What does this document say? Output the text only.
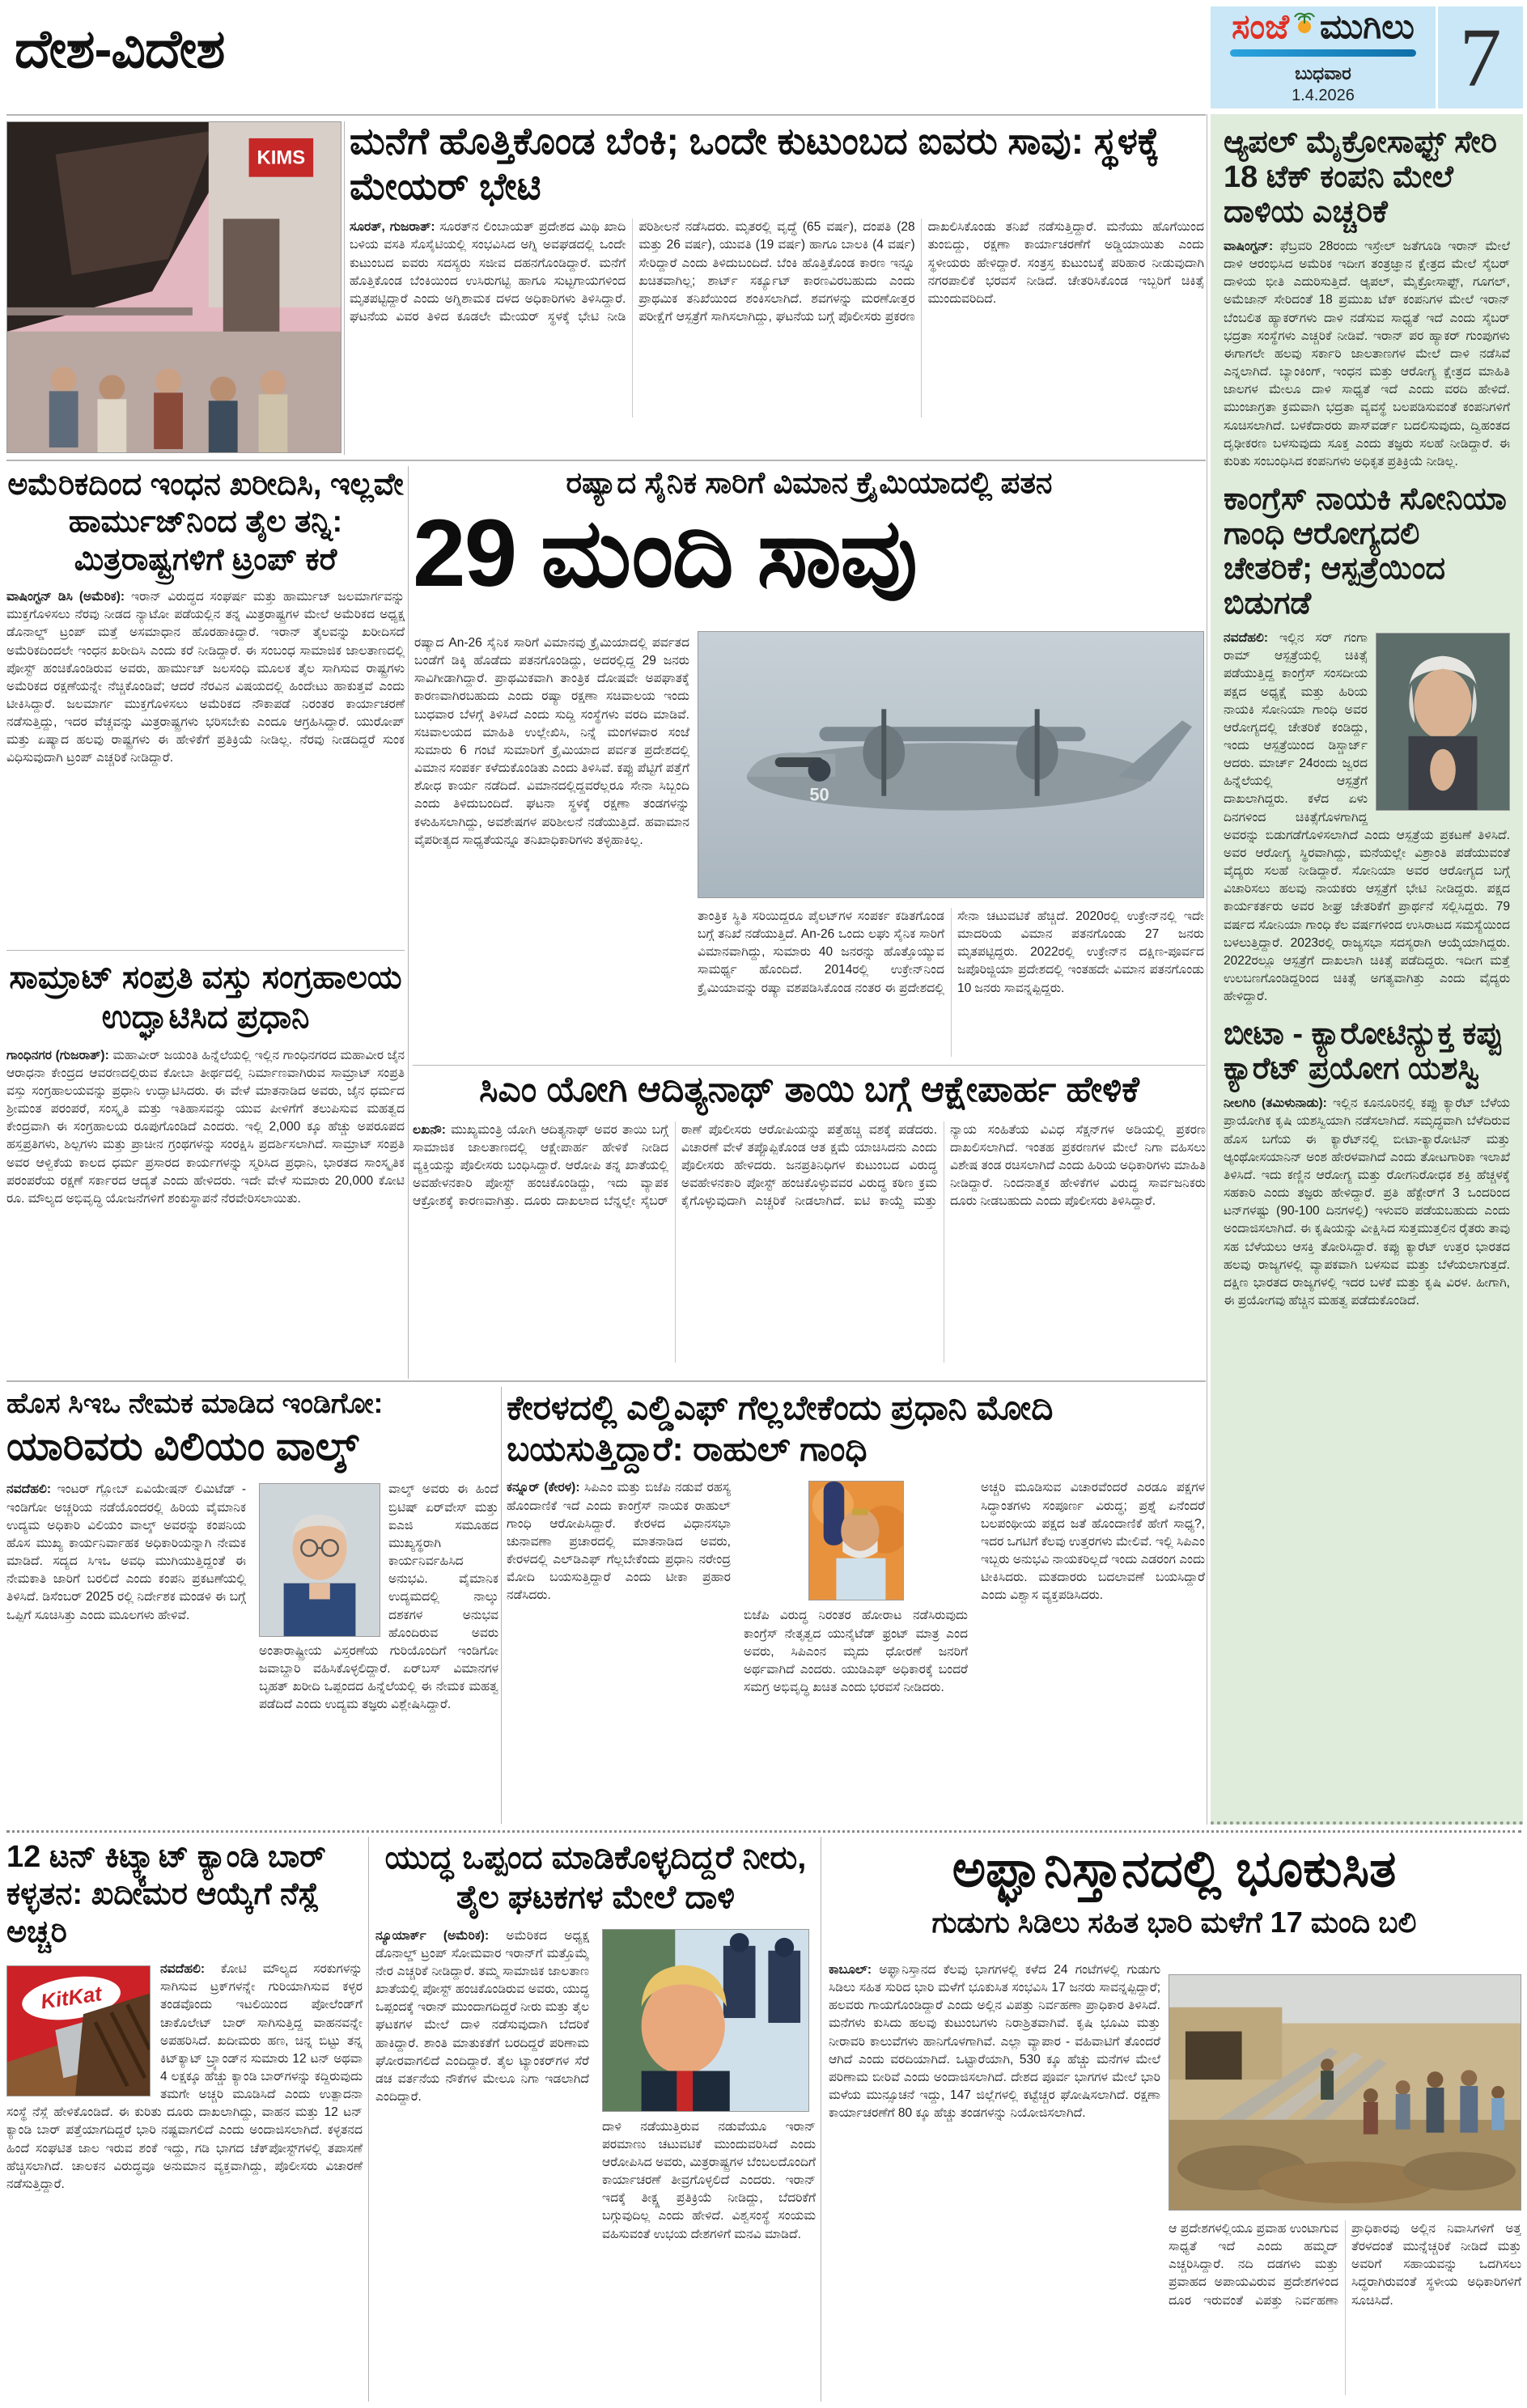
ದೇಶ-ವಿದೇಶ	ಸಂಜೆ ಮುಗಿಲು
ಬುಧವಾರ
1.4.2026 7
KIMS ಮನೆಗೆ ಹೊತ್ತಿಕೊಂಡ ಬೆಂಕಿ; ಒಂದೇ ಕುಟುಂಬದ ಐವರು ಸಾವು: ಸ್ಥಳಕ್ಕೆ ಮೇಯರ್ ಭೇಟಿ

ಸೂರತ್, ಗುಜರಾತ್: ಸೂರತ್‌ನ ಲಿಂಬಾಯತ್ ಪ್ರದೇಶದ ಮಿಥಿ ಖಾದಿ ಬಳಿಯ ವಸತಿ ಸೊಸೈಟಿಯಲ್ಲಿ ಸಂಭವಿಸಿದ ಅಗ್ನಿ ಅವಘಡದಲ್ಲಿ ಒಂದೇ ಕುಟುಂಬದ ಐವರು ಸದಸ್ಯರು ಸಜೀವ ದಹನಗೊಂಡಿದ್ದಾರೆ. ಮನೆಗೆ ಹೊತ್ತಿಕೊಂಡ ಬೆಂಕಿಯಿಂದ ಉಸಿರುಗಟ್ಟಿ ಹಾಗೂ ಸುಟ್ಟಗಾಯಗಳಿಂದ ಮೃತಪಟ್ಟಿದ್ದಾರೆ ಎಂದು ಅಗ್ನಿಶಾಮಕ ದಳದ ಅಧಿಕಾರಿಗಳು ತಿಳಿಸಿದ್ದಾರೆ. ಘಟನೆಯ ವಿವರ ತಿಳಿದ ಕೂಡಲೇ ಮೇಯರ್ ಸ್ಥಳಕ್ಕೆ ಭೇಟಿ ನೀಡಿ ಪರಿಶೀಲನೆ ನಡೆಸಿದರು. ಮೃತರಲ್ಲಿ ವೃದ್ಧೆ (65 ವರ್ಷ), ದಂಪತಿ (28 ಮತ್ತು 26 ವರ್ಷ), ಯುವತಿ (19 ವರ್ಷ) ಹಾಗೂ ಬಾಲಕಿ (4 ವರ್ಷ) ಸೇರಿದ್ದಾರೆ ಎಂದು ತಿಳಿದುಬಂದಿದೆ. ಬೆಂಕಿ ಹೊತ್ತಿಕೊಂಡ ಕಾರಣ ಇನ್ನೂ ಖಚಿತವಾಗಿಲ್ಲ; ಶಾರ್ಟ್ ಸರ್ಕ್ಯೂಟ್ ಕಾರಣವಿರಬಹುದು ಎಂದು ಪ್ರಾಥಮಿಕ ತನಿಖೆಯಿಂದ ಶಂಕಿಸಲಾಗಿದೆ. ಶವಗಳನ್ನು ಮರಣೋತ್ತರ ಪರೀಕ್ಷೆಗೆ ಆಸ್ಪತ್ರೆಗೆ ಸಾಗಿಸಲಾಗಿದ್ದು, ಘಟನೆಯ ಬಗ್ಗೆ ಪೊಲೀಸರು ಪ್ರಕರಣ ದಾಖಲಿಸಿಕೊಂಡು ತನಿಖೆ ನಡೆಸುತ್ತಿದ್ದಾರೆ. ಮನೆಯು ಹೊಗೆಯಿಂದ ತುಂಬಿದ್ದು, ರಕ್ಷಣಾ ಕಾರ್ಯಾಚರಣೆಗೆ ಅಡ್ಡಿಯಾಯಿತು ಎಂದು ಸ್ಥಳೀಯರು ಹೇಳಿದ್ದಾರೆ. ಸಂತ್ರಸ್ತ ಕುಟುಂಬಕ್ಕೆ ಪರಿಹಾರ ನೀಡುವುದಾಗಿ ನಗರಪಾಲಿಕೆ ಭರವಸೆ ನೀಡಿದೆ. ಚೇತರಿಸಿಕೊಂಡ ಇಬ್ಬರಿಗೆ ಚಿಕಿತ್ಸೆ ಮುಂದುವರಿದಿದೆ.

ಅಮೆರಿಕದಿಂದ ಇಂಧನ ಖರೀದಿಸಿ, ಇಲ್ಲವೇ ಹಾರ್ಮುಜ್‌ನಿಂದ ತೈಲ ತನ್ನಿ: ಮಿತ್ರರಾಷ್ಟ್ರಗಳಿಗೆ ಟ್ರಂಪ್ ಕರೆ

ವಾಷಿಂಗ್ಟನ್ ಡಿಸಿ (ಅಮೆರಿಕ): ಇರಾನ್ ವಿರುದ್ಧದ ಸಂಘರ್ಷ ಮತ್ತು ಹಾರ್ಮುಜ್ ಜಲಮಾರ್ಗವನ್ನು ಮುಕ್ತಗೊಳಿಸಲು ನೆರವು ನೀಡದ ನ್ಯಾಟೋ ಪಡೆಯಲ್ಲಿನ ತನ್ನ ಮಿತ್ರರಾಷ್ಟ್ರಗಳ ಮೇಲೆ ಅಮೆರಿಕದ ಅಧ್ಯಕ್ಷ ಡೊನಾಲ್ಡ್ ಟ್ರಂಪ್ ಮತ್ತೆ ಅಸಮಾಧಾನ ಹೊರಹಾಕಿದ್ದಾರೆ. ಇರಾನ್ ತೈಲವನ್ನು ಖರೀದಿಸದೆ ಅಮೆರಿಕದಿಂದಲೇ ಇಂಧನ ಖರೀದಿಸಿ ಎಂದು ಕರೆ ನೀಡಿದ್ದಾರೆ. ಈ ಸಂಬಂಧ ಸಾಮಾಜಿಕ ಜಾಲತಾಣದಲ್ಲಿ ಪೋಸ್ಟ್ ಹಂಚಿಕೊಂಡಿರುವ ಅವರು, ಹಾರ್ಮುಜ್ ಜಲಸಂಧಿ ಮೂಲಕ ತೈಲ ಸಾಗಿಸುವ ರಾಷ್ಟ್ರಗಳು ಅಮೆರಿಕದ ರಕ್ಷಣೆಯನ್ನೇ ನೆಚ್ಚಿಕೊಂಡಿವೆ; ಆದರೆ ನೆರವಿನ ವಿಷಯದಲ್ಲಿ ಹಿಂದೇಟು ಹಾಕುತ್ತವೆ ಎಂದು ಟೀಕಿಸಿದ್ದಾರೆ. ಜಲಮಾರ್ಗ ಮುಕ್ತಗೊಳಿಸಲು ಅಮೆರಿಕದ ನೌಕಾಪಡೆ ನಿರಂತರ ಕಾರ್ಯಾಚರಣೆ ನಡೆಸುತ್ತಿದ್ದು, ಇದರ ವೆಚ್ಚವನ್ನು ಮಿತ್ರರಾಷ್ಟ್ರಗಳು ಭರಿಸಬೇಕು ಎಂದೂ ಆಗ್ರಹಿಸಿದ್ದಾರೆ. ಯುರೋಪ್ ಮತ್ತು ಏಷ್ಯಾದ ಹಲವು ರಾಷ್ಟ್ರಗಳು ಈ ಹೇಳಿಕೆಗೆ ಪ್ರತಿಕ್ರಿಯೆ ನೀಡಿಲ್ಲ. ನೆರವು ನೀಡದಿದ್ದರೆ ಸುಂಕ ವಿಧಿಸುವುದಾಗಿ ಟ್ರಂಪ್ ಎಚ್ಚರಿಕೆ ನೀಡಿದ್ದಾರೆ.

ಸಾಮ್ರಾಟ್ ಸಂಪ್ರತಿ ವಸ್ತು ಸಂಗ್ರಹಾಲಯ ಉದ್ಘಾಟಿಸಿದ ಪ್ರಧಾನಿ

ಗಾಂಧಿನಗರ (ಗುಜರಾತ್): ಮಹಾವೀರ್ ಜಯಂತಿ ಹಿನ್ನೆಲೆಯಲ್ಲಿ ಇಲ್ಲಿನ ಗಾಂಧಿನಗರದ ಮಹಾವೀರ ಜೈನ ಆರಾಧನಾ ಕೇಂದ್ರದ ಆವರಣದಲ್ಲಿರುವ ಕೋಬಾ ತೀರ್ಥದಲ್ಲಿ ನಿರ್ಮಾಣವಾಗಿರುವ ಸಾಮ್ರಾಟ್ ಸಂಪ್ರತಿ ವಸ್ತು ಸಂಗ್ರಹಾಲಯವನ್ನು ಪ್ರಧಾನಿ ಉದ್ಘಾಟಿಸಿದರು. ಈ ವೇಳೆ ಮಾತನಾಡಿದ ಅವರು, ಜೈನ ಧರ್ಮದ ಶ್ರೀಮಂತ ಪರಂಪರೆ, ಸಂಸ್ಕೃತಿ ಮತ್ತು ಇತಿಹಾಸವನ್ನು ಯುವ ಪೀಳಿಗೆಗೆ ತಲುಪಿಸುವ ಮಹತ್ವದ ಕೇಂದ್ರವಾಗಿ ಈ ಸಂಗ್ರಹಾಲಯ ರೂಪುಗೊಂಡಿದೆ ಎಂದರು. ಇಲ್ಲಿ 2,000 ಕ್ಕೂ ಹೆಚ್ಚು ಅಪರೂಪದ ಹಸ್ತಪ್ರತಿಗಳು, ಶಿಲ್ಪಗಳು ಮತ್ತು ಪ್ರಾಚೀನ ಗ್ರಂಥಗಳನ್ನು ಸಂರಕ್ಷಿಸಿ ಪ್ರದರ್ಶಿಸಲಾಗಿದೆ. ಸಾಮ್ರಾಟ್ ಸಂಪ್ರತಿ ಅವರ ಆಳ್ವಿಕೆಯ ಕಾಲದ ಧರ್ಮ ಪ್ರಸಾರದ ಕಾರ್ಯಗಳನ್ನು ಸ್ಮರಿಸಿದ ಪ್ರಧಾನಿ, ಭಾರತದ ಸಾಂಸ್ಕೃತಿಕ ಪರಂಪರೆಯ ರಕ್ಷಣೆ ಸರ್ಕಾರದ ಆದ್ಯತೆ ಎಂದು ಹೇಳಿದರು. ಇದೇ ವೇಳೆ ಸುಮಾರು 20,000 ಕೋಟಿ ರೂ. ಮೌಲ್ಯದ ಅಭಿವೃದ್ಧಿ ಯೋಜನೆಗಳಿಗೆ ಶಂಕುಸ್ಥಾಪನೆ ನೆರವೇರಿಸಲಾಯಿತು.

ರಷ್ಯಾದ ಸೈನಿಕ ಸಾರಿಗೆ ವಿಮಾನ ಕ್ರೈಮಿಯಾದಲ್ಲಿ ಪತನ

29 ಮಂದಿ ಸಾವು

ರಷ್ಯಾದ An-26 ಸೈನಿಕ ಸಾರಿಗೆ ವಿಮಾನವು ಕ್ರೈಮಿಯಾದಲ್ಲಿ ಪರ್ವತದ ಬಂಡೆಗೆ ಡಿಕ್ಕಿ ಹೊಡೆದು ಪತನಗೊಂಡಿದ್ದು, ಅದರಲ್ಲಿದ್ದ 29 ಜನರು ಸಾವಿಗೀಡಾಗಿದ್ದಾರೆ. ಪ್ರಾಥಮಿಕವಾಗಿ ತಾಂತ್ರಿಕ ದೋಷವೇ ಅಪಘಾತಕ್ಕೆ ಕಾರಣವಾಗಿರಬಹುದು ಎಂದು ರಷ್ಯಾ ರಕ್ಷಣಾ ಸಚಿವಾಲಯ ಇಂದು ಬುಧವಾರ ಬೆಳಗ್ಗೆ ತಿಳಿಸಿದೆ ಎಂದು ಸುದ್ದಿ ಸಂಸ್ಥೆಗಳು ವರದಿ ಮಾಡಿವೆ. ಸಚಿವಾಲಯದ ಮಾಹಿತಿ ಉಲ್ಲೇಖಿಸಿ, ನಿನ್ನೆ ಮಂಗಳವಾರ ಸಂಜೆ ಸುಮಾರು 6 ಗಂಟೆ ಸುಮಾರಿಗೆ ಕ್ರೈಮಿಯಾದ ಪರ್ವತ ಪ್ರದೇಶದಲ್ಲಿ ವಿಮಾನ ಸಂಪರ್ಕ ಕಳೆದುಕೊಂಡಿತು ಎಂದು ತಿಳಿಸಿವೆ. ಕಪ್ಪು ಪೆಟ್ಟಿಗೆ ಪತ್ತೆಗೆ ಶೋಧ ಕಾರ್ಯ ನಡೆದಿದೆ. ವಿಮಾನದಲ್ಲಿದ್ದವರೆಲ್ಲರೂ ಸೇನಾ ಸಿಬ್ಬಂದಿ ಎಂದು ತಿಳಿದುಬಂದಿದೆ. ಘಟನಾ ಸ್ಥಳಕ್ಕೆ ರಕ್ಷಣಾ ತಂಡಗಳನ್ನು ಕಳುಹಿಸಲಾಗಿದ್ದು, ಅವಶೇಷಗಳ ಪರಿಶೀಲನೆ ನಡೆಯುತ್ತಿದೆ. ಹವಾಮಾನ ವೈಪರೀತ್ಯದ ಸಾಧ್ಯತೆಯನ್ನೂ ತನಿಖಾಧಿಕಾರಿಗಳು ತಳ್ಳಿಹಾಕಿಲ್ಲ.

50

ತಾಂತ್ರಿಕ ಸ್ಥಿತಿ ಸರಿಯಿದ್ದರೂ ಪೈಲಟ್‌ಗಳ ಸಂಪರ್ಕ ಕಡಿತಗೊಂಡ ಬಗ್ಗೆ ತನಿಖೆ ನಡೆಯುತ್ತಿದೆ. An-26 ಒಂದು ಲಘು ಸೈನಿಕ ಸಾರಿಗೆ ವಿಮಾನವಾಗಿದ್ದು, ಸುಮಾರು 40 ಜನರನ್ನು ಹೊತ್ತೊಯ್ಯುವ ಸಾಮರ್ಥ್ಯ ಹೊಂದಿದೆ. 2014ರಲ್ಲಿ ಉಕ್ರೇನ್‌ನಿಂದ ಕ್ರೈಮಿಯಾವನ್ನು ರಷ್ಯಾ ವಶಪಡಿಸಿಕೊಂಡ ನಂತರ ಈ ಪ್ರದೇಶದಲ್ಲಿ ಸೇನಾ ಚಟುವಟಿಕೆ ಹೆಚ್ಚಿದೆ. 2020ರಲ್ಲಿ ಉಕ್ರೇನ್‌ನಲ್ಲಿ ಇದೇ ಮಾದರಿಯ ವಿಮಾನ ಪತನಗೊಂಡು 27 ಜನರು ಮೃತಪಟ್ಟಿದ್ದರು. 2022ರಲ್ಲಿ ಉಕ್ರೇನ್‌ನ ದಕ್ಷಿಣ-ಪೂರ್ವದ ಜಪೊರಿಜ್ಜಿಯಾ ಪ್ರದೇಶದಲ್ಲಿ ಇಂತಹದೇ ವಿಮಾನ ಪತನಗೊಂಡು 10 ಜನರು ಸಾವನ್ನಪ್ಪಿದ್ದರು.

ಸಿಎಂ ಯೋಗಿ ಆದಿತ್ಯನಾಥ್ ತಾಯಿ ಬಗ್ಗೆ ಆಕ್ಷೇಪಾರ್ಹ ಹೇಳಿಕೆ

ಲಖನೌ: ಮುಖ್ಯಮಂತ್ರಿ ಯೋಗಿ ಆದಿತ್ಯನಾಥ್ ಅವರ ತಾಯಿ ಬಗ್ಗೆ ಸಾಮಾಜಿಕ ಜಾಲತಾಣದಲ್ಲಿ ಆಕ್ಷೇಪಾರ್ಹ ಹೇಳಿಕೆ ನೀಡಿದ ವ್ಯಕ್ತಿಯನ್ನು ಪೊಲೀಸರು ಬಂಧಿಸಿದ್ದಾರೆ. ಆರೋಪಿ ತನ್ನ ಖಾತೆಯಲ್ಲಿ ಅವಹೇಳನಕಾರಿ ಪೋಸ್ಟ್ ಹಂಚಿಕೊಂಡಿದ್ದು, ಇದು ವ್ಯಾಪಕ ಆಕ್ರೋಶಕ್ಕೆ ಕಾರಣವಾಗಿತ್ತು. ದೂರು ದಾಖಲಾದ ಬೆನ್ನಲ್ಲೇ ಸೈಬರ್ ಠಾಣೆ ಪೊಲೀಸರು ಆರೋಪಿಯನ್ನು ಪತ್ತೆಹಚ್ಚಿ ವಶಕ್ಕೆ ಪಡೆದರು. ವಿಚಾರಣೆ ವೇಳೆ ತಪ್ಪೊಪ್ಪಿಕೊಂಡ ಆತ ಕ್ಷಮೆ ಯಾಚಿಸಿದನು ಎಂದು ಪೊಲೀಸರು ಹೇಳಿದರು. ಜನಪ್ರತಿನಿಧಿಗಳ ಕುಟುಂಬದ ವಿರುದ್ಧ ಅವಹೇಳನಕಾರಿ ಪೋಸ್ಟ್ ಹಂಚಿಕೊಳ್ಳುವವರ ವಿರುದ್ಧ ಕಠಿಣ ಕ್ರಮ ಕೈಗೊಳ್ಳುವುದಾಗಿ ಎಚ್ಚರಿಕೆ ನೀಡಲಾಗಿದೆ. ಐಟಿ ಕಾಯ್ದೆ ಮತ್ತು ನ್ಯಾಯ ಸಂಹಿತೆಯ ವಿವಿಧ ಸೆಕ್ಷನ್‌ಗಳ ಅಡಿಯಲ್ಲಿ ಪ್ರಕರಣ ದಾಖಲಿಸಲಾಗಿದೆ. ಇಂತಹ ಪ್ರಕರಣಗಳ ಮೇಲೆ ನಿಗಾ ವಹಿಸಲು ವಿಶೇಷ ತಂಡ ರಚಿಸಲಾಗಿದೆ ಎಂದು ಹಿರಿಯ ಅಧಿಕಾರಿಗಳು ಮಾಹಿತಿ ನೀಡಿದ್ದಾರೆ. ನಿಂದನಾತ್ಮಕ ಹೇಳಿಕೆಗಳ ವಿರುದ್ಧ ಸಾರ್ವಜನಿಕರು ದೂರು ನೀಡಬಹುದು ಎಂದು ಪೊಲೀಸರು ತಿಳಿಸಿದ್ದಾರೆ.

ಆ್ಯಪಲ್ ಮೈಕ್ರೋಸಾಫ್ಟ್ ಸೇರಿ 18 ಟೆಕ್ ಕಂಪನಿ ಮೇಲೆ ದಾಳಿಯ ಎಚ್ಚರಿಕೆ

ವಾಷಿಂಗ್ಟನ್: ಫೆಬ್ರವರಿ 28ರಂದು ಇಸ್ರೇಲ್ ಜತೆಗೂಡಿ ಇರಾನ್ ಮೇಲೆ ದಾಳಿ ಆರಂಭಿಸಿದ ಅಮೆರಿಕ ಇದೀಗ ತಂತ್ರಜ್ಞಾನ ಕ್ಷೇತ್ರದ ಮೇಲೆ ಸೈಬರ್ ದಾಳಿಯ ಭೀತಿ ಎದುರಿಸುತ್ತಿದೆ. ಆ್ಯಪಲ್, ಮೈಕ್ರೋಸಾಫ್ಟ್, ಗೂಗಲ್, ಅಮೆಜಾನ್ ಸೇರಿದಂತೆ 18 ಪ್ರಮುಖ ಟೆಕ್ ಕಂಪನಿಗಳ ಮೇಲೆ ಇರಾನ್ ಬೆಂಬಲಿತ ಹ್ಯಾಕರ್‌ಗಳು ದಾಳಿ ನಡೆಸುವ ಸಾಧ್ಯತೆ ಇದೆ ಎಂದು ಸೈಬರ್ ಭದ್ರತಾ ಸಂಸ್ಥೆಗಳು ಎಚ್ಚರಿಕೆ ನೀಡಿವೆ. ಇರಾನ್ ಪರ ಹ್ಯಾಕರ್ ಗುಂಪುಗಳು ಈಗಾಗಲೇ ಹಲವು ಸರ್ಕಾರಿ ಜಾಲತಾಣಗಳ ಮೇಲೆ ದಾಳಿ ನಡೆಸಿವೆ ಎನ್ನಲಾಗಿದೆ. ಬ್ಯಾಂಕಿಂಗ್, ಇಂಧನ ಮತ್ತು ಆರೋಗ್ಯ ಕ್ಷೇತ್ರದ ಮಾಹಿತಿ ಜಾಲಗಳ ಮೇಲೂ ದಾಳಿ ಸಾಧ್ಯತೆ ಇದೆ ಎಂದು ವರದಿ ಹೇಳಿದೆ. ಮುಂಜಾಗ್ರತಾ ಕ್ರಮವಾಗಿ ಭದ್ರತಾ ವ್ಯವಸ್ಥೆ ಬಲಪಡಿಸುವಂತೆ ಕಂಪನಿಗಳಿಗೆ ಸೂಚಿಸಲಾಗಿದೆ. ಬಳಕೆದಾರರು ಪಾಸ್‌ವರ್ಡ್ ಬದಲಿಸುವುದು, ದ್ವಿಹಂತದ ದೃಢೀಕರಣ ಬಳಸುವುದು ಸೂಕ್ತ ಎಂದು ತಜ್ಞರು ಸಲಹೆ ನೀಡಿದ್ದಾರೆ. ಈ ಕುರಿತು ಸಂಬಂಧಿಸಿದ ಕಂಪನಿಗಳು ಅಧಿಕೃತ ಪ್ರತಿಕ್ರಿಯೆ ನೀಡಿಲ್ಲ.

ಕಾಂಗ್ರೆಸ್ ನಾಯಕಿ ಸೋನಿಯಾ ಗಾಂಧಿ ಆರೋಗ್ಯದಲಿ ಚೇತರಿಕೆ; ಆಸ್ಪತ್ರೆಯಿಂದ ಬಿಡುಗಡೆ

ನವದೆಹಲಿ: ಇಲ್ಲಿನ ಸರ್ ಗಂಗಾ ರಾಮ್ ಆಸ್ಪತ್ರೆಯಲ್ಲಿ ಚಿಕಿತ್ಸೆ ಪಡೆಯುತ್ತಿದ್ದ ಕಾಂಗ್ರೆಸ್ ಸಂಸದೀಯ ಪಕ್ಷದ ಅಧ್ಯಕ್ಷೆ ಮತ್ತು ಹಿರಿಯ ನಾಯಕಿ ಸೋನಿಯಾ ಗಾಂಧಿ ಅವರ ಆರೋಗ್ಯದಲ್ಲಿ ಚೇತರಿಕೆ ಕಂಡಿದ್ದು, ಇಂದು ಆಸ್ಪತ್ರೆಯಿಂದ ಡಿಸ್ಚಾರ್ಜ್ ಆದರು. ಮಾರ್ಚ್ 24ರಂದು ಜ್ವರದ ಹಿನ್ನೆಲೆಯಲ್ಲಿ ಆಸ್ಪತ್ರೆಗೆ ದಾಖಲಾಗಿದ್ದರು. ಕಳೆದ ಏಳು ದಿನಗಳಿಂದ ಚಿಕಿತ್ಸೆಗೊಳಗಾಗಿದ್ದ ಅವರನ್ನು ಬಿಡುಗಡೆಗೊಳಿಸಲಾಗಿದೆ ಎಂದು ಆಸ್ಪತ್ರೆಯ ಪ್ರಕಟಣೆ ತಿಳಿಸಿದೆ. ಅವರ ಆರೋಗ್ಯ ಸ್ಥಿರವಾಗಿದ್ದು, ಮನೆಯಲ್ಲೇ ವಿಶ್ರಾಂತಿ ಪಡೆಯುವಂತೆ ವೈದ್ಯರು ಸಲಹೆ ನೀಡಿದ್ದಾರೆ. ಸೋನಿಯಾ ಅವರ ಆರೋಗ್ಯದ ಬಗ್ಗೆ ವಿಚಾರಿಸಲು ಹಲವು ನಾಯಕರು ಆಸ್ಪತ್ರೆಗೆ ಭೇಟಿ ನೀಡಿದ್ದರು. ಪಕ್ಷದ ಕಾರ್ಯಕರ್ತರು ಅವರ ಶೀಘ್ರ ಚೇತರಿಕೆಗೆ ಪ್ರಾರ್ಥನೆ ಸಲ್ಲಿಸಿದ್ದರು. 79 ವರ್ಷದ ಸೋನಿಯಾ ಗಾಂಧಿ ಕೆಲ ವರ್ಷಗಳಿಂದ ಉಸಿರಾಟದ ಸಮಸ್ಯೆಯಿಂದ ಬಳಲುತ್ತಿದ್ದಾರೆ. 2023ರಲ್ಲಿ ರಾಜ್ಯಸಭಾ ಸದಸ್ಯರಾಗಿ ಆಯ್ಕೆಯಾಗಿದ್ದರು. 2022ರಲ್ಲೂ ಆಸ್ಪತ್ರೆಗೆ ದಾಖಲಾಗಿ ಚಿಕಿತ್ಸೆ ಪಡೆದಿದ್ದರು. ಇದೀಗ ಮತ್ತೆ ಉಲಬಣಗೊಂಡಿದ್ದರಿಂದ ಚಿಕಿತ್ಸೆ ಅಗತ್ಯವಾಗಿತ್ತು ಎಂದು ವೈದ್ಯರು ಹೇಳಿದ್ದಾರೆ.

ಬೀಟಾ - ಕ್ಯಾರೋಟಿನ್ಯುಕ್ತ ಕಪ್ಪು ಕ್ಯಾರೆಟ್ ಪ್ರಯೋಗ ಯಶಸ್ವಿ

ನೀಲಗಿರಿ (ತಮಿಳುನಾಡು): ಇಲ್ಲಿನ ಕೂನೂರಿನಲ್ಲಿ ಕಪ್ಪು ಕ್ಯಾರೆಟ್ ಬೆಳೆಯ ಪ್ರಾಯೋಗಿಕ ಕೃಷಿ ಯಶಸ್ವಿಯಾಗಿ ನಡೆಸಲಾಗಿದೆ. ಸಮೃದ್ಧವಾಗಿ ಬೆಳೆದಿರುವ ಹೊಸ ಬಗೆಯ ಈ ಕ್ಯಾರೆಟ್‌ನಲ್ಲಿ ಬೀಟಾ-ಕ್ಯಾರೋಟಿನ್ ಮತ್ತು ಆ್ಯಂಥೋಸಯಾನಿನ್ ಅಂಶ ಹೇರಳವಾಗಿದೆ ಎಂದು ತೋಟಗಾರಿಕಾ ಇಲಾಖೆ ತಿಳಿಸಿದೆ. ಇದು ಕಣ್ಣಿನ ಆರೋಗ್ಯ ಮತ್ತು ರೋಗನಿರೋಧಕ ಶಕ್ತಿ ಹೆಚ್ಚಳಕ್ಕೆ ಸಹಕಾರಿ ಎಂದು ತಜ್ಞರು ಹೇಳಿದ್ದಾರೆ. ಪ್ರತಿ ಹೆಕ್ಟೇರ್‌ಗೆ 3 ಒಂದರಿಂದ ಟನ್‌ಗಳಷ್ಟು (90-100 ದಿನಗಳಲ್ಲಿ) ಇಳುವರಿ ಪಡೆಯಬಹುದು ಎಂದು ಅಂದಾಜಿಸಲಾಗಿದೆ. ಈ ಕೃಷಿಯನ್ನು ವೀಕ್ಷಿಸಿದ ಸುತ್ತಮುತ್ತಲಿನ ರೈತರು ತಾವು ಸಹ ಬೆಳೆಯಲು ಆಸಕ್ತಿ ತೋರಿಸಿದ್ದಾರೆ. ಕಪ್ಪು ಕ್ಯಾರೆಟ್ ಉತ್ತರ ಭಾರತದ ಹಲವು ರಾಜ್ಯಗಳಲ್ಲಿ ವ್ಯಾಪಕವಾಗಿ ಬಳಸುವ ಮತ್ತು ಬೆಳೆಯಲಾಗುತ್ತದೆ. ದಕ್ಷಿಣ ಭಾರತದ ರಾಜ್ಯಗಳಲ್ಲಿ ಇದರ ಬಳಕೆ ಮತ್ತು ಕೃಷಿ ವಿರಳ. ಹೀಗಾಗಿ, ಈ ಪ್ರಯೋಗವು ಹೆಚ್ಚಿನ ಮಹತ್ವ ಪಡೆದುಕೊಂಡಿದೆ.

ಹೊಸ ಸಿಇಒ ನೇಮಕ ಮಾಡಿದ ಇಂಡಿಗೋ:
ಯಾರಿವರು ವಿಲಿಯಂ ವಾಲ್ಶ್

ನವದೆಹಲಿ: ಇಂಟರ್ ಗ್ಲೋಬ್ ಏವಿಯೇಷನ್ ಲಿಮಿಟೆಡ್ - ಇಂಡಿಗೋ ಅಚ್ಚರಿಯ ನಡೆಯೊಂದರಲ್ಲಿ ಹಿರಿಯ ವೈಮಾನಿಕ ಉದ್ಯಮ ಅಧಿಕಾರಿ ವಿಲಿಯಂ ವಾಲ್ಶ್ ಅವರನ್ನು ಕಂಪನಿಯ ಹೊಸ ಮುಖ್ಯ ಕಾರ್ಯನಿರ್ವಾಹಕ ಅಧಿಕಾರಿಯನ್ನಾಗಿ ನೇಮಕ ಮಾಡಿದೆ. ಸದ್ಯದ ಸಿಇಒ ಅವಧಿ ಮುಗಿಯುತ್ತಿದ್ದಂತೆ ಈ ನೇಮಕಾತಿ ಜಾರಿಗೆ ಬರಲಿದೆ ಎಂದು ಕಂಪನಿ ಪ್ರಕಟಣೆಯಲ್ಲಿ ತಿಳಿಸಿದೆ. ಡಿಸೆಂಬರ್ 2025 ರಲ್ಲಿ ನಿರ್ದೇಶಕ ಮಂಡಳಿ ಈ ಬಗ್ಗೆ ಒಪ್ಪಿಗೆ ಸೂಚಿಸಿತ್ತು ಎಂದು ಮೂಲಗಳು ಹೇಳಿವೆ.

ವಾಲ್ಶ್ ಅವರು ಈ ಹಿಂದೆ ಬ್ರಿಟಿಷ್ ಏರ್‌ವೇಸ್ ಮತ್ತು ಐಎಜಿ ಸಮೂಹದ ಮುಖ್ಯಸ್ಥರಾಗಿ ಕಾರ್ಯನಿರ್ವಹಿಸಿದ ಅನುಭವಿ. ವೈಮಾನಿಕ ಉದ್ಯಮದಲ್ಲಿ ನಾಲ್ಕು ದಶಕಗಳ ಅನುಭವ ಹೊಂದಿರುವ ಅವರು ಅಂತಾರಾಷ್ಟ್ರೀಯ ವಿಸ್ತರಣೆಯ ಗುರಿಯೊಂದಿಗೆ ಇಂಡಿಗೋ ಜವಾಬ್ದಾರಿ ವಹಿಸಿಕೊಳ್ಳಲಿದ್ದಾರೆ. ಏರ್‌ಬಸ್ ವಿಮಾನಗಳ ಬೃಹತ್ ಖರೀದಿ ಒಪ್ಪಂದದ ಹಿನ್ನೆಲೆಯಲ್ಲಿ ಈ ನೇಮಕ ಮಹತ್ವ ಪಡೆದಿದೆ ಎಂದು ಉದ್ಯಮ ತಜ್ಞರು ವಿಶ್ಲೇಷಿಸಿದ್ದಾರೆ.

ಕೇರಳದಲ್ಲಿ ಎಲ್ಡಿಎಫ್ ಗೆಲ್ಲಬೇಕೆಂದು ಪ್ರಧಾನಿ ಮೋದಿ ಬಯಸುತ್ತಿದ್ದಾರೆ: ರಾಹುಲ್ ಗಾಂಧಿ

ಕನ್ನೂರ್ (ಕೇರಳ): ಸಿಪಿಎಂ ಮತ್ತು ಬಿಜೆಪಿ ನಡುವೆ ರಹಸ್ಯ ಹೊಂದಾಣಿಕೆ ಇದೆ ಎಂದು ಕಾಂಗ್ರೆಸ್ ನಾಯಕ ರಾಹುಲ್ ಗಾಂಧಿ ಆರೋಪಿಸಿದ್ದಾರೆ. ಕೇರಳದ ವಿಧಾನಸಭಾ ಚುನಾವಣಾ ಪ್ರಚಾರದಲ್ಲಿ ಮಾತನಾಡಿದ ಅವರು, ಕೇರಳದಲ್ಲಿ ಎಲ್‌ಡಿಎಫ್ ಗೆಲ್ಲಬೇಕೆಂದು ಪ್ರಧಾನಿ ನರೇಂದ್ರ ಮೋದಿ ಬಯಸುತ್ತಿದ್ದಾರೆ ಎಂದು ಟೀಕಾ ಪ್ರಹಾರ ನಡೆಸಿದರು.

ಬಿಜೆಪಿ ವಿರುದ್ಧ ನಿರಂತರ ಹೋರಾಟ ನಡೆಸಿರುವುದು ಕಾಂಗ್ರೆಸ್ ನೇತೃತ್ವದ ಯುನೈಟೆಡ್ ಫ್ರಂಟ್ ಮಾತ್ರ ಎಂದ ಅವರು, ಸಿಪಿಎಂನ ಮೃದು ಧೋರಣೆ ಜನರಿಗೆ ಅರ್ಥವಾಗಿದೆ ಎಂದರು. ಯುಡಿಎಫ್ ಅಧಿಕಾರಕ್ಕೆ ಬಂದರೆ ಸಮಗ್ರ ಅಭಿವೃದ್ಧಿ ಖಚಿತ ಎಂದು ಭರವಸೆ ನೀಡಿದರು.

ಅಚ್ಚರಿ ಮೂಡಿಸುವ ವಿಚಾರವೆಂದರೆ ಎರಡೂ ಪಕ್ಷಗಳ ಸಿದ್ಧಾಂತಗಳು ಸಂಪೂರ್ಣ ವಿರುದ್ಧ; ಪ್ರಶ್ನೆ ಏನೆಂದರೆ ಬಲಪಂಥೀಯ ಪಕ್ಷದ ಜತೆ ಹೊಂದಾಣಿಕೆ ಹೇಗೆ ಸಾಧ್ಯ?, ಇದರ ಒಗಟಿಗೆ ಕೆಲವು ಉತ್ತರಗಳು ಮೇಲಿವೆ. ಇಲ್ಲಿ ಸಿಪಿಎಂ ಇಬ್ಬರು ಅನುಭವಿ ನಾಯಕರಿಲ್ಲದೆ ಇಂದು ಎಡರಂಗ ಎಂದು ಟೀಕಿಸಿದರು. ಮತದಾರರು ಬದಲಾವಣೆ ಬಯಸಿದ್ದಾರೆ ಎಂದು ವಿಶ್ವಾಸ ವ್ಯಕ್ತಪಡಿಸಿದರು.

12 ಟನ್ ಕಿಟ್ಕ್ಯಾಟ್ ಕ್ಯಾಂಡಿ ಬಾರ್ ಕಳ್ಳತನ: ಖದೀಮರ ಆಯ್ಕೆಗೆ ನೆಸ್ಲೆ ಅಚ್ಚರಿ

KitKat
ನವದೆಹಲಿ: ಕೋಟಿ ಮೌಲ್ಯದ ಸರಕುಗಳನ್ನು ಸಾಗಿಸುವ ಟ್ರಕ್‌ಗಳನ್ನೇ ಗುರಿಯಾಗಿಸುವ ಕಳ್ಳರ ತಂಡವೊಂದು ಇಟಲಿಯಿಂದ ಪೋಲೆಂಡ್‌ಗೆ ಚಾಕೊಲೇಟ್ ಬಾರ್ ಸಾಗಿಸುತ್ತಿದ್ದ ವಾಹನವನ್ನೇ ಅಪಹರಿಸಿದೆ. ಖದೀಮರು ಹಣ, ಚಿನ್ನ ಬಿಟ್ಟು ತನ್ನ ಕಿಟ್‌ಕ್ಯಾಟ್ ಬ್ರ್ಯಾಂಡ್‌ನ ಸುಮಾರು 12 ಟನ್ ಅಥವಾ 4 ಲಕ್ಷಕ್ಕೂ ಹೆಚ್ಚು ಕ್ಯಾಂಡಿ ಬಾರ್‌ಗಳನ್ನು ಕದ್ದಿರುವುದು ತಮಗೇ ಅಚ್ಚರಿ ಮೂಡಿಸಿದೆ ಎಂದು ಉತ್ಪಾದನಾ ಸಂಸ್ಥೆ ನೆಸ್ಲೆ ಹೇಳಿಕೊಂಡಿದೆ. ಈ ಕುರಿತು ದೂರು ದಾಖಲಾಗಿದ್ದು, ವಾಹನ ಮತ್ತು 12 ಟನ್ ಕ್ಯಾಂಡಿ ಬಾರ್ ಪತ್ತೆಯಾಗದಿದ್ದರೆ ಭಾರಿ ನಷ್ಟವಾಗಲಿದೆ ಎಂದು ಅಂದಾಜಿಸಲಾಗಿದೆ. ಕಳ್ಳತನದ ಹಿಂದೆ ಸಂಘಟಿತ ಜಾಲ ಇರುವ ಶಂಕೆ ಇದ್ದು, ಗಡಿ ಭಾಗದ ಚೆಕ್‌ಪೋಸ್ಟ್‌ಗಳಲ್ಲಿ ತಪಾಸಣೆ ಹೆಚ್ಚಿಸಲಾಗಿದೆ. ಚಾಲಕನ ವಿರುದ್ಧವೂ ಅನುಮಾನ ವ್ಯಕ್ತವಾಗಿದ್ದು, ಪೊಲೀಸರು ವಿಚಾರಣೆ ನಡೆಸುತ್ತಿದ್ದಾರೆ.

ಯುದ್ಧ ಒಪ್ಪಂದ ಮಾಡಿಕೊಳ್ಳದಿದ್ದರೆ ನೀರು, ತೈಲ ಘಟಕಗಳ ಮೇಲೆ ದಾಳಿ

ನ್ಯೂಯಾರ್ಕ್ (ಅಮೆರಿಕ): ಅಮೆರಿಕದ ಅಧ್ಯಕ್ಷ ಡೊನಾಲ್ಡ್ ಟ್ರಂಪ್ ಸೋಮವಾರ ಇರಾನ್‌ಗೆ ಮತ್ತೊಮ್ಮೆ ನೇರ ಎಚ್ಚರಿಕೆ ನೀಡಿದ್ದಾರೆ. ತಮ್ಮ ಸಾಮಾಜಿಕ ಜಾಲತಾಣ ಖಾತೆಯಲ್ಲಿ ಪೋಸ್ಟ್ ಹಂಚಿಕೊಂಡಿರುವ ಅವರು, ಯುದ್ಧ ಒಪ್ಪಂದಕ್ಕೆ ಇರಾನ್ ಮುಂದಾಗದಿದ್ದರೆ ನೀರು ಮತ್ತು ತೈಲ ಘಟಕಗಳ ಮೇಲೆ ದಾಳಿ ನಡೆಸುವುದಾಗಿ ಬೆದರಿಕೆ ಹಾಕಿದ್ದಾರೆ. ಶಾಂತಿ ಮಾತುಕತೆಗೆ ಬರದಿದ್ದರೆ ಪರಿಣಾಮ ಘೋರವಾಗಲಿದೆ ಎಂದಿದ್ದಾರೆ. ತೈಲ ಟ್ಯಾಂಕರ್‌ಗಳ ಸೆರೆ ಡಚ ವರ್ತನೆಯ ನೌಕೆಗಳ ಮೇಲೂ ನಿಗಾ ಇಡಲಾಗಿದೆ ಎಂದಿದ್ದಾರೆ.

ದಾಳಿ ನಡೆಯುತ್ತಿರುವ ನಡುವೆಯೂ ಇರಾನ್ ಪರಮಾಣು ಚಟುವಟಿಕೆ ಮುಂದುವರಿಸಿದೆ ಎಂದು ಆರೋಪಿಸಿದ ಅವರು, ಮಿತ್ರರಾಷ್ಟ್ರಗಳ ಬೆಂಬಲದೊಂದಿಗೆ ಕಾರ್ಯಾಚರಣೆ ತೀವ್ರಗೊಳ್ಳಲಿದೆ ಎಂದರು. ಇರಾನ್ ಇದಕ್ಕೆ ತೀಕ್ಷ್ಣ ಪ್ರತಿಕ್ರಿಯೆ ನೀಡಿದ್ದು, ಬೆದರಿಕೆಗೆ ಬಗ್ಗುವುದಿಲ್ಲ ಎಂದು ಹೇಳಿದೆ. ವಿಶ್ವಸಂಸ್ಥೆ ಸಂಯಮ ವಹಿಸುವಂತೆ ಉಭಯ ದೇಶಗಳಿಗೆ ಮನವಿ ಮಾಡಿದೆ.

ಅಫ್ಘಾನಿಸ್ತಾನದಲ್ಲಿ ಭೂಕುಸಿತ

ಗುಡುಗು ಸಿಡಿಲು ಸಹಿತ ಭಾರಿ ಮಳೆಗೆ 17 ಮಂದಿ ಬಲಿ

ಕಾಬೂಲ್: ಅಫ್ಘಾನಿಸ್ತಾನದ ಕೆಲವು ಭಾಗಗಳಲ್ಲಿ ಕಳೆದ 24 ಗಂಟೆಗಳಲ್ಲಿ ಗುಡುಗು ಸಿಡಿಲು ಸಹಿತ ಸುರಿದ ಭಾರಿ ಮಳೆಗೆ ಭೂಕುಸಿತ ಸಂಭವಿಸಿ 17 ಜನರು ಸಾವನ್ನಪ್ಪಿದ್ದಾರೆ; ಹಲವರು ಗಾಯಗೊಂಡಿದ್ದಾರೆ ಎಂದು ಅಲ್ಲಿನ ವಿಪತ್ತು ನಿರ್ವಹಣಾ ಪ್ರಾಧಿಕಾರ ತಿಳಿಸಿದೆ. ಮನೆಗಳು ಕುಸಿದು ಹಲವು ಕುಟುಂಬಗಳು ನಿರಾಶ್ರಿತವಾಗಿವೆ. ಕೃಷಿ ಭೂಮಿ ಮತ್ತು ನೀರಾವರಿ ಕಾಲುವೆಗಳು ಹಾನಿಗೊಳಗಾಗಿವೆ. ಎಲ್ಲಾ ವ್ಯಾಪಾರ - ವಹಿವಾಟಿಗೆ ತೊಂದರೆ ಆಗಿದೆ ಎಂದು ವರದಿಯಾಗಿದೆ. ಒಟ್ಟಾರೆಯಾಗಿ, 530 ಕ್ಕೂ ಹೆಚ್ಚು ಮನೆಗಳ ಮೇಲೆ ಪರಿಣಾಮ ಬೀರಿವೆ ಎಂದು ಅಂದಾಜಿಸಲಾಗಿದೆ. ದೇಶದ ಪೂರ್ವ ಭಾಗಗಳ ಮೇಲೆ ಭಾರಿ ಮಳೆಯ ಮುನ್ಸೂಚನೆ ಇದ್ದು, 147 ಜಿಲ್ಲೆಗಳಲ್ಲಿ ಕಟ್ಟೆಚ್ಚರ ಘೋಷಿಸಲಾಗಿದೆ. ರಕ್ಷಣಾ ಕಾರ್ಯಾಚರಣೆಗೆ 80 ಕ್ಕೂ ಹೆಚ್ಚು ತಂಡಗಳನ್ನು ನಿಯೋಜಿಸಲಾಗಿದೆ.

ಆ ಪ್ರದೇಶಗಳಲ್ಲಿಯೂ ಪ್ರವಾಹ ಉಂಟಾಗುವ ಸಾಧ್ಯತೆ ಇದೆ ಎಂದು ಹಮ್ಮದ್ ಎಚ್ಚರಿಸಿದ್ದಾರೆ. ನದಿ ದಡಗಳು ಮತ್ತು ಪ್ರವಾಹದ ಅಪಾಯವಿರುವ ಪ್ರದೇಶಗಳಿಂದ ದೂರ ಇರುವಂತೆ ವಿಪತ್ತು ನಿರ್ವಹಣಾ ಪ್ರಾಧಿಕಾರವು ಅಲ್ಲಿನ ನಿವಾಸಿಗಳಿಗೆ ಅತ್ತ ತೆರಳದಂತೆ ಮುನ್ನೆಚ್ಚರಿಕೆ ನೀಡಿದೆ ಮತ್ತು ಅವರಿಗೆ ಸಹಾಯವನ್ನು ಒದಗಿಸಲು ಸಿದ್ಧರಾಗಿರುವಂತೆ ಸ್ಥಳೀಯ ಅಧಿಕಾರಿಗಳಿಗೆ ಸೂಚಿಸಿದೆ.
